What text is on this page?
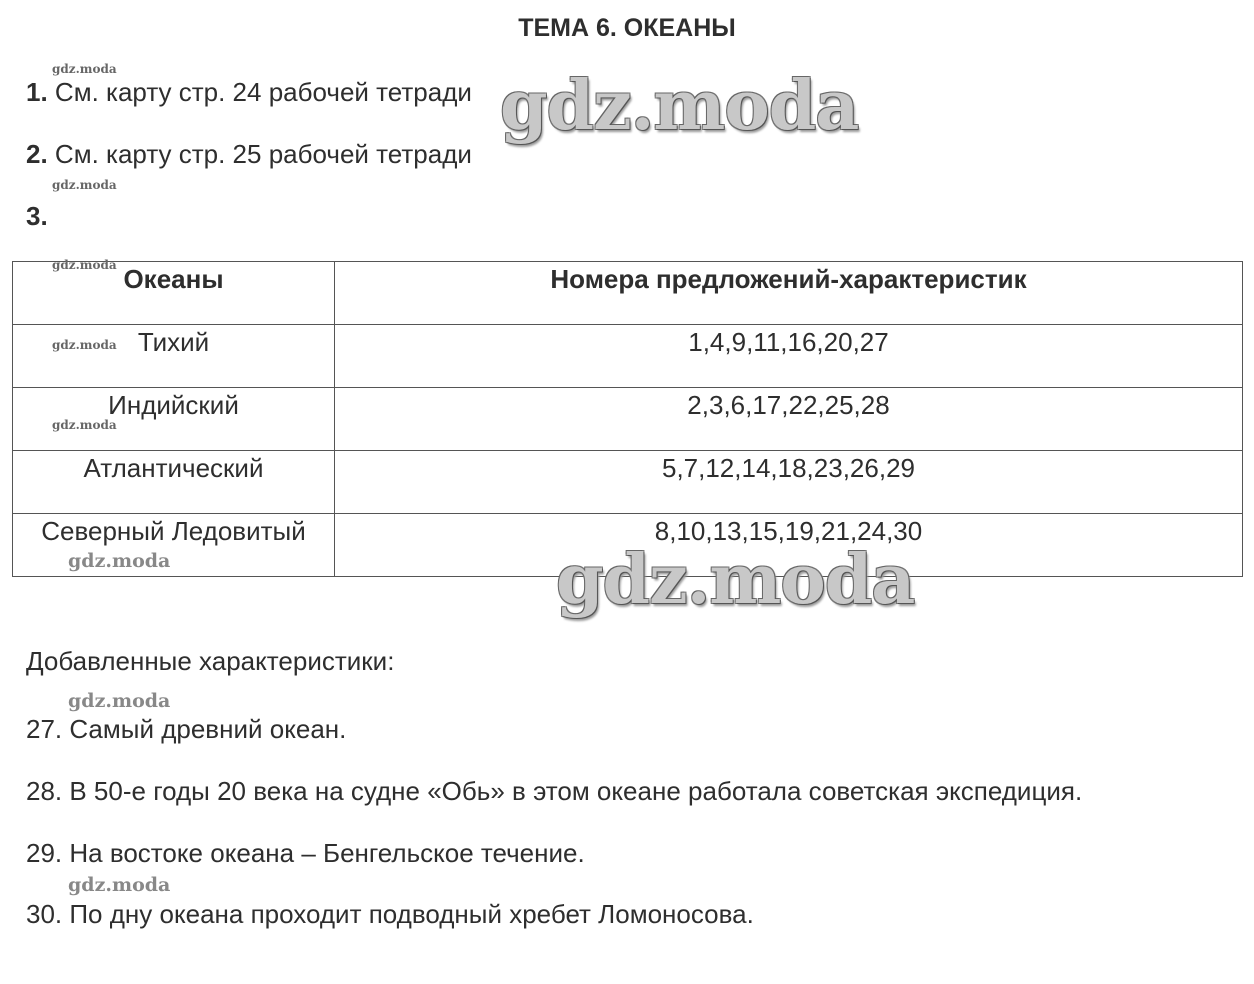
ТЕМА 6. ОКЕАНЫ
1. См. карту стр. 24 рабочей тетради
2. См. карту стр. 25 рабочей тетради
3.
Океаны	Номера предложений-характеристик
Тихий	1,4,9,11,16,20,27
Индийский	2,3,6,17,22,25,28
Атлантический	5,7,12,14,18,23,26,29
Северный Ледовитый	8,10,13,15,19,21,24,30
Добавленные характеристики:
27. Самый древний океан.
28. В 50-е годы 20 века на судне «Обь» в этом океане работала советская экспедиция.
29. На востоке океана – Бенгельское течение.
30. По дну океана проходит подводный хребет Ломоносова.
gdz.moda
gdz.moda
gdz.moda
gdz.moda
gdz.moda
gdz.moda
gdz.moda
gdz.moda
gdz.moda
gdz.moda
